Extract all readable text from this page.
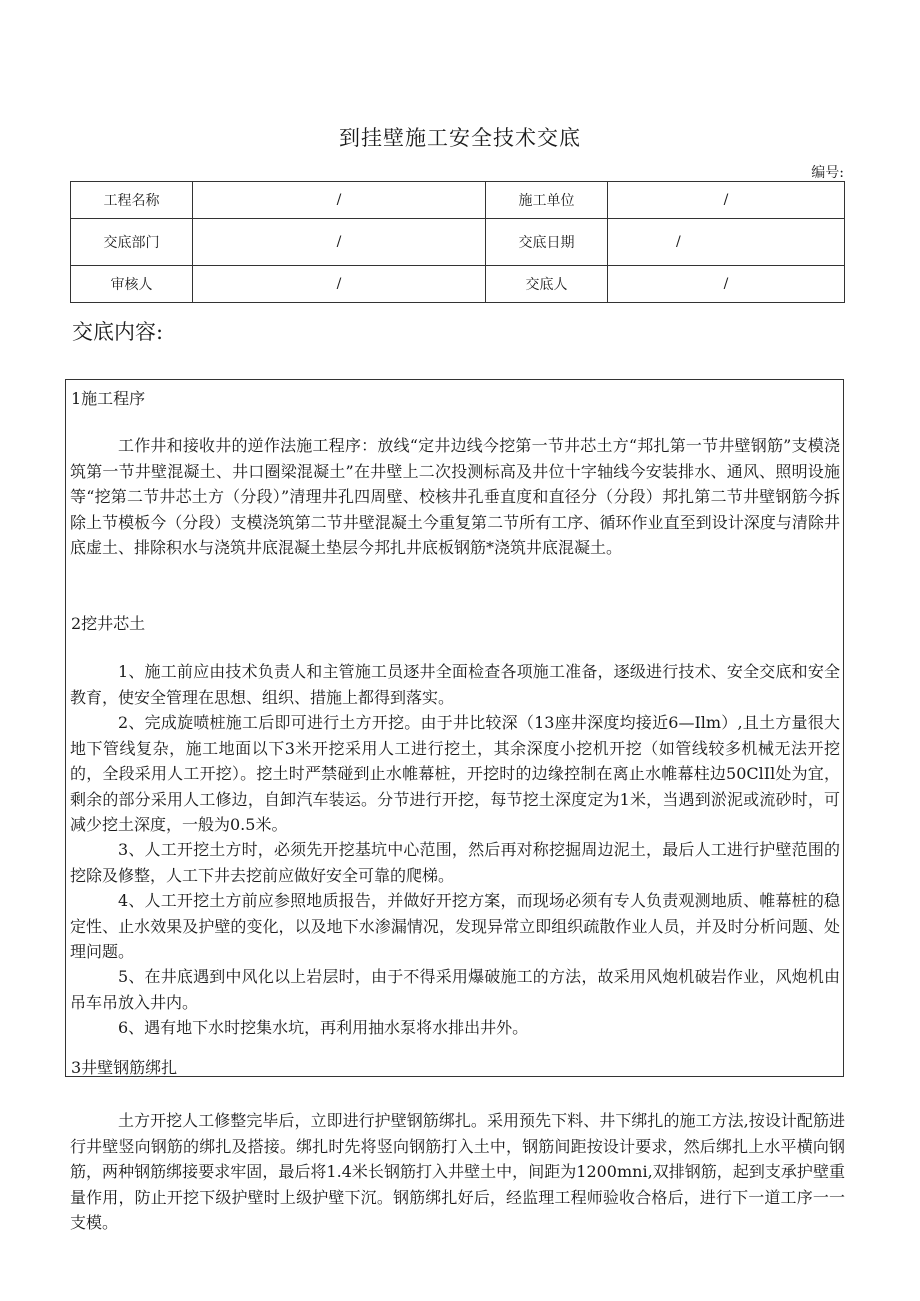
到挂壁施工安全技术交底
编号:
工程名称	/	施工单位	/
交底部门	/	交底日期	/
审核人	/	交底人	/
交底内容:
1施工程序

工作井和接收井的逆作法施工程序：放线“定井边线今挖第一节井芯土方“邦扎第一节井壁钢筋”支模浇筑第一节井壁混凝土、井口圈梁混凝土”在井壁上二次投测标高及井位十字轴线今安装排水、通风、照明设施等“挖第二节井芯土方（分段）”清理井孔四周壁、校核井孔垂直度和直径分（分段）邦扎第二节井壁钢筋今拆除上节模板今（分段）支模浇筑第二节井壁混凝土今重复第二节所有工序、循环作业直至到设计深度与清除井底虚土、排除积水与浇筑井底混凝土垫层今邦扎井底板钢筋*浇筑井底混凝土。

2挖井芯土

1、施工前应由技术负责人和主管施工员逐井全面检查各项施工准备，逐级进行技术、安全交底和安全教育，使安全管理在思想、组织、措施上都得到落实。

2、完成旋喷桩施工后即可进行土方开挖。由于井比较深（13座井深度均接近6—Ilm）,且土方量很大地下管线复杂，施工地面以下3米开挖采用人工进行挖土，其余深度小挖机开挖（如管线较多机械无法开挖的，全段采用人工开挖）。挖土时严禁碰到止水帷幕桩，开挖时的边缘控制在离止水帷幕柱边50ClIl处为宜，剩余的部分采用人工修边，自卸汽车装运。分节进行开挖，每节挖土深度定为1米，当遇到淤泥或流砂时，可减少挖土深度，一般为0.5米。

3、人工开挖土方时，必须先开挖基坑中心范围，然后再对称挖掘周边泥土，最后人工进行护壁范围的挖除及修整，人工下井去挖前应做好安全可靠的爬梯。

4、人工开挖土方前应参照地质报告，并做好开挖方案，而现场必须有专人负责观测地质、帷幕桩的稳定性、止水效果及护壁的变化，以及地下水渗漏情况，发现异常立即组织疏散作业人员，并及时分析问题、处理问题。

5、在井底遇到中风化以上岩层时，由于不得采用爆破施工的方法，故采用风炮机破岩作业，风炮机由吊车吊放入井内。

6、遇有地下水时挖集水坑，再利用抽水泵将水排出井外。

3井壁钢筋绑扎

土方开挖人工修整完毕后，立即进行护壁钢筋绑扎。采用预先下料、井下绑扎的施工方法,按设计配筋进行井壁竖向钢筋的绑扎及搭接。绑扎时先将竖向钢筋打入土中，钢筋间距按设计要求，然后绑扎上水平横向钢筋，两种钢筋绑接要求牢固，最后将1.4米长钢筋打入井壁土中，间距为1200mni,双排钢筋，起到支承护壁重量作用，防止开挖下级护壁时上级护壁下沉。钢筋绑扎好后，经监理工程师验收合格后，进行下一道工序一一支模。
